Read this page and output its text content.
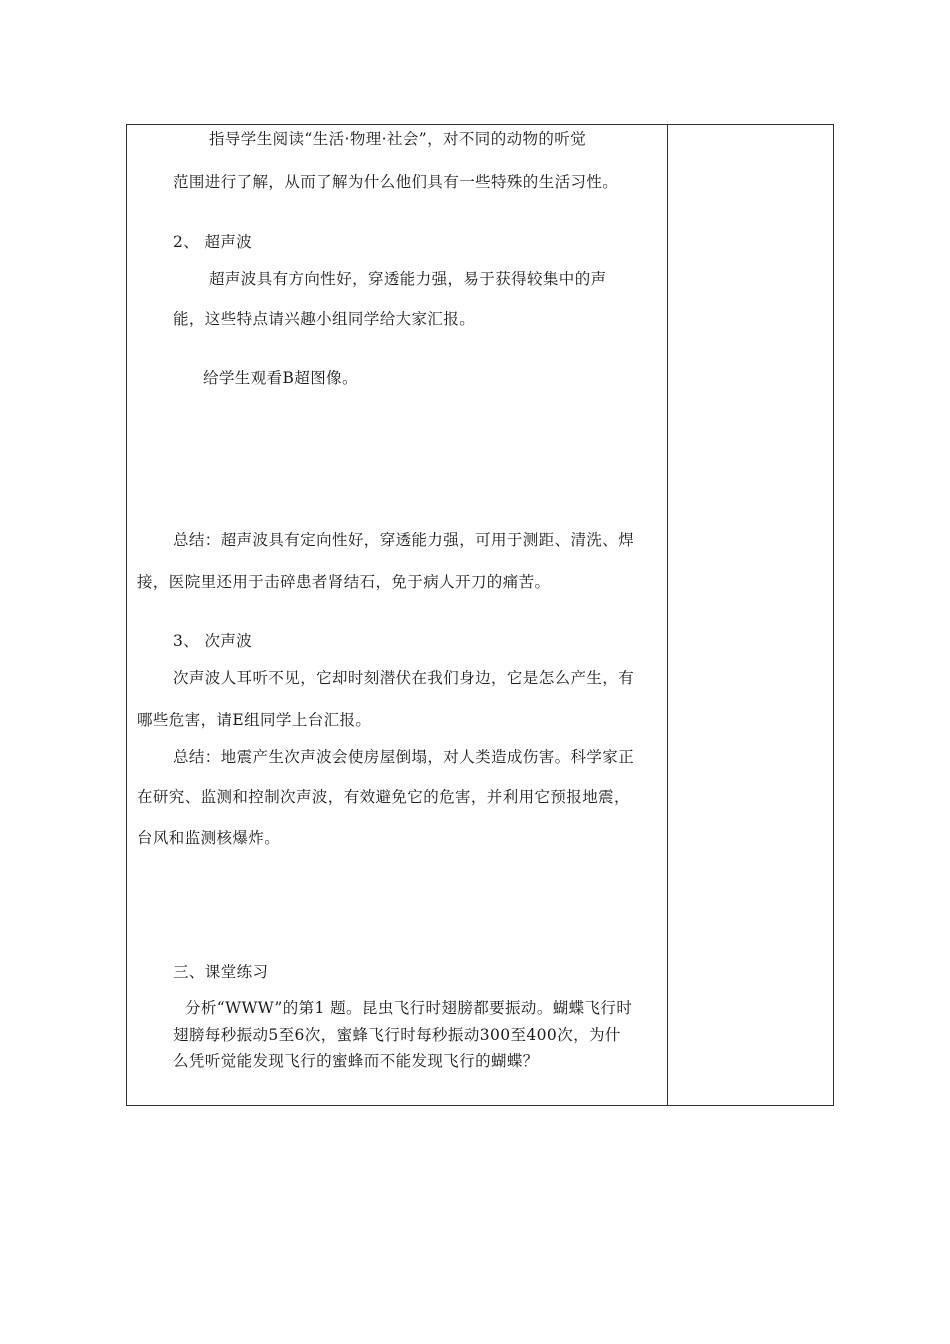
指导学生阅读“生活·物理·社会”，对不同的动物的听觉
范围进行了解，从而了解为什么他们具有一些特殊的生活习性。
2、 超声波
超声波具有方向性好，穿透能力强，易于获得较集中的声
能，这些特点请兴趣小组同学给大家汇报。
给学生观看B超图像。
总结：超声波具有定向性好，穿透能力强，可用于测距、清洗、焊
接，医院里还用于击碎患者肾结石，免于病人开刀的痛苦。
3、 次声波
次声波人耳听不见，它却时刻潜伏在我们身边，它是怎么产生，有
哪些危害，请E组同学上台汇报。
总结：地震产生次声波会使房屋倒塌，对人类造成伤害。科学家正
在研究、监测和控制次声波，有效避免它的危害，并利用它预报地震，
台风和监测核爆炸。
三、课堂练习
分析“WWW”的第1 题。昆虫飞行时翅膀都要振动。蝴蝶飞行时
翅膀每秒振动5至6次，蜜蜂飞行时每秒振动300至400次，为什
么凭听觉能发现飞行的蜜蜂而不能发现飞行的蝴蝶？
